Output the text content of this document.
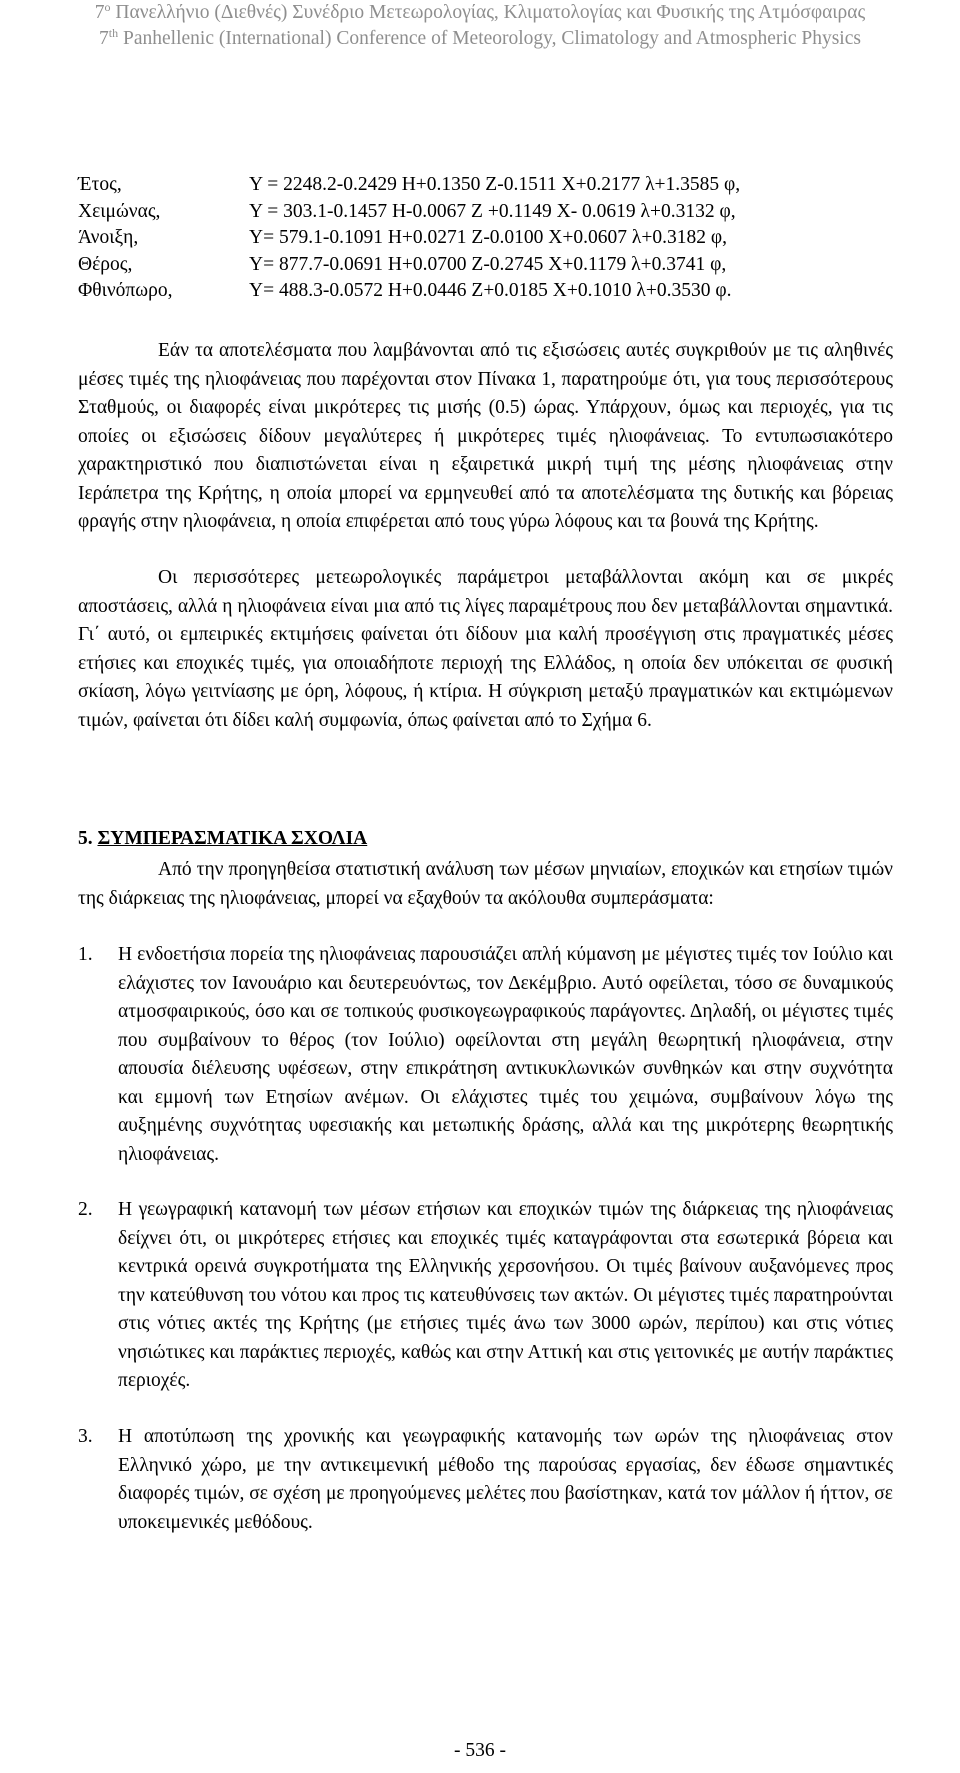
$7^o$ Πανελλήνιο (Διεθνές) Συνέδριο Μετεωρολογίας, Κλιματολογίας και Φυσικής της Ατμόσφαιρας
7th Panhellenic (International) Conference of Meteorology, Climatology and Atmospheric Physics
Έτος,	Y = 2248.2-0.2429 H+0.1350 Z-0.1511 X+0.2177 λ+1.3585 φ,
Χειμώνας,	Y = 303.1-0.1457 H-0.0067 Z +0.1149 X- 0.0619 λ+0.3132 φ,
Άνοιξη,	Y= 579.1-0.1091 H+0.0271 Z-0.0100 X+0.0607 λ+0.3182 φ,
Θέρος,	Y= 877.7-0.0691 H+0.0700 Z-0.2745 X+0.1179 λ+0.3741 φ,
Φθινόπωρο,	Y= 488.3-0.0572 H+0.0446 Z+0.0185 X+0.1010 λ+0.3530 φ.

Εάν τα αποτελέσματα που λαμβάνονται από τις εξισώσεις αυτές συγκριθούν με τις αληθινές μέσες τιμές της ηλιοφάνειας που παρέχονται στον Πίνακα 1, παρατηρούμε ότι, για τους περισσότερους Σταθμούς, οι διαφορές είναι μικρότερες τις μισής (0.5) ώρας. Υπάρχουν, όμως και περιοχές, για τις οποίες οι εξισώσεις δίδουν μεγαλύτερες ή μικρότερες τιμές ηλιοφάνειας. Το εντυπωσιακότερο χαρακτηριστικό που διαπιστώνεται είναι η εξαιρετικά μικρή τιμή της μέσης ηλιοφάνειας στην Ιεράπετρα της Κρήτης, η οποία μπορεί να ερμηνευθεί από τα αποτελέσματα της δυτικής και βόρειας φραγής στην ηλιοφάνεια, η οποία επιφέρεται από τους γύρω λόφους και τα βουνά της Κρήτης.

Οι περισσότερες μετεωρολογικές παράμετροι μεταβάλλονται ακόμη και σε μικρές αποστάσεις, αλλά η ηλιοφάνεια είναι μια από τις λίγες παραμέτρους που δεν μεταβάλλονται σημαντικά. Γι΄ αυτό, οι εμπειρικές εκτιμήσεις φαίνεται ότι δίδουν μια καλή προσέγγιση στις πραγματικές μέσες ετήσιες και εποχικές τιμές, για οποιαδήποτε περιοχή της Ελλάδος, η οποία δεν υπόκειται σε φυσική σκίαση, λόγω γειτνίασης με όρη, λόφους, ή κτίρια. Η σύγκριση μεταξύ πραγματικών και εκτιμώμενων τιμών, φαίνεται ότι δίδει καλή συμφωνία, όπως φαίνεται από το Σχήμα 6.

5. ΣΥΜΠΕΡΑΣΜΑΤΙΚΑ ΣΧΟΛΙΑ

Από την προηγηθείσα στατιστική ανάλυση των μέσων μηνιαίων, εποχικών και ετησίων τιμών της διάρκειας της ηλιοφάνειας, μπορεί να εξαχθούν τα ακόλουθα συμπεράσματα:

1. Η ενδοετήσια πορεία της ηλιοφάνειας παρουσιάζει απλή κύμανση με μέγιστες τιμές τον Ιούλιο και ελάχιστες τον Ιανουάριο και δευτερευόντως, τον Δεκέμβριο. Αυτό οφείλεται, τόσο σε δυναμικούς ατμοσφαιρικούς, όσο και σε τοπικούς φυσικογεωγραφικούς παράγοντες. Δηλαδή, οι μέγιστες τιμές που συμβαίνουν το θέρος (τον Ιούλιο) οφείλονται στη μεγάλη θεωρητική ηλιοφάνεια, στην απουσία διέλευσης υφέσεων, στην επικράτηση αντικυκλωνικών συνθηκών και στην συχνότητα και εμμονή των Ετησίων ανέμων. Οι ελάχιστες τιμές του χειμώνα, συμβαίνουν λόγω της αυξημένης συχνότητας υφεσιακής και μετωπικής δράσης, αλλά και της μικρότερης θεωρητικής ηλιοφάνειας.
2. Η γεωγραφική κατανομή των μέσων ετήσιων και εποχικών τιμών της διάρκειας της ηλιοφάνειας δείχνει ότι, οι μικρότερες ετήσιες και εποχικές τιμές καταγράφονται στα εσωτερικά βόρεια και κεντρικά ορεινά συγκροτήματα της Ελληνικής χερσονήσου. Οι τιμές βαίνουν αυξανόμενες προς την κατεύθυνση του νότου και προς τις κατευθύνσεις των ακτών. Οι μέγιστες τιμές παρατηρούνται στις νότιες ακτές της Κρήτης (με ετήσιες τιμές άνω των 3000 ωρών, περίπου) και στις νότιες νησιώτικες και παράκτιες περιοχές, καθώς και στην Αττική και στις γειτονικές με αυτήν παράκτιες περιοχές.
3. Η αποτύπωση της χρονικής και γεωγραφικής κατανομής των ωρών της ηλιοφάνειας στον Ελληνικό χώρο, με την αντικειμενική μέθοδο της παρούσας εργασίας, δεν έδωσε σημαντικές διαφορές τιμών, σε σχέση με προηγούμενες μελέτες που βασίστηκαν, κατά τον μάλλον ή ήττον, σε υποκειμενικές μεθόδους.
- 536 -
